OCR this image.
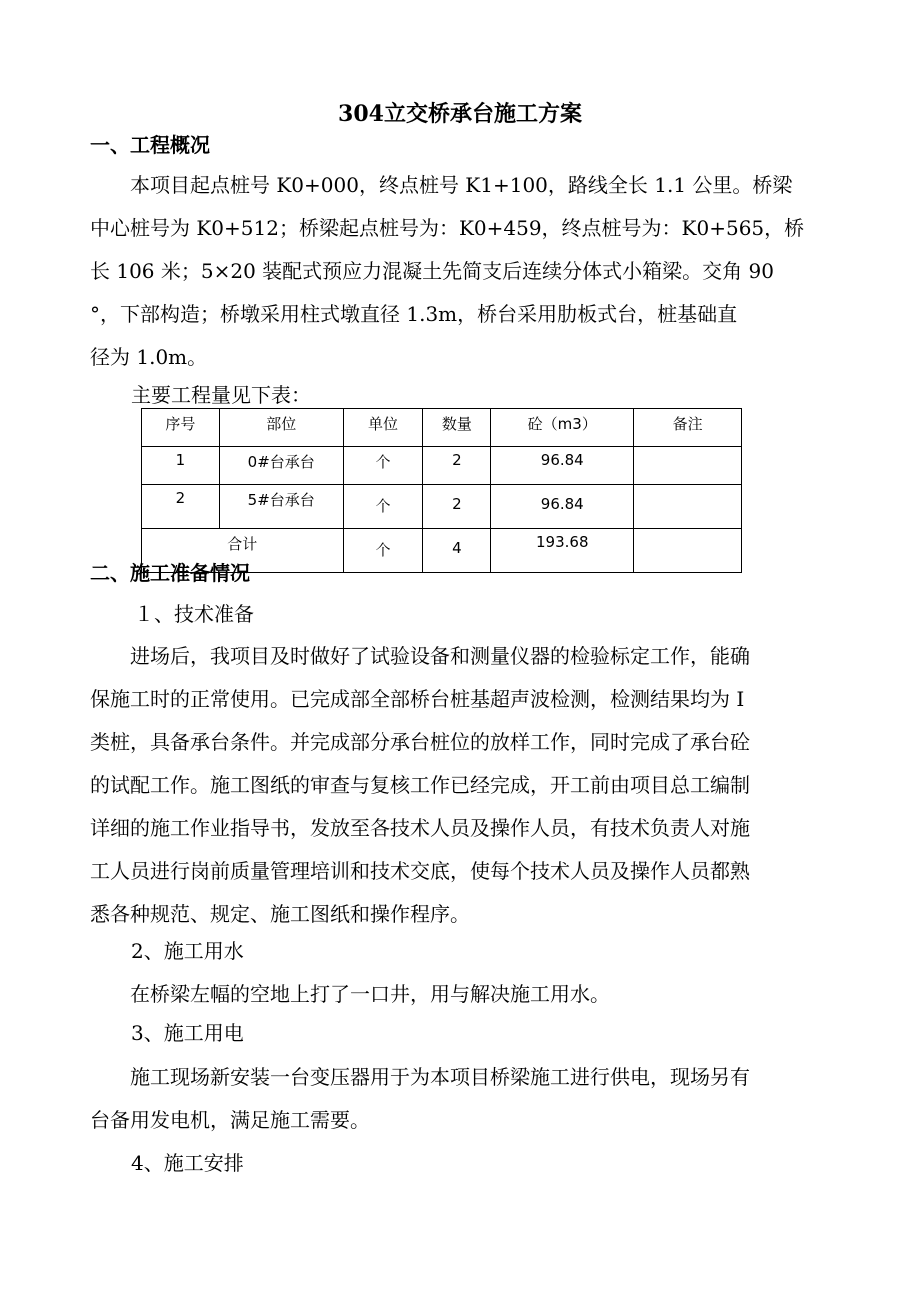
304立交桥承台施工方案
一、工程概况
本项目起点桩号 K0+000，终点桩号 K1+100，路线全长 1.1 公里。桥梁
中心桩号为 K0+512；桥梁起点桩号为：K0+459，终点桩号为：K0+565，桥
长 106 米；5×20 装配式预应力混凝土先简支后连续分体式小箱梁。交角 90
°，下部构造；桥墩采用柱式墩直径 1.3m，桥台采用肋板式台，桩基础直
径为 1.0m。
主要工程量见下表：
序号	部位	单位	数量	砼（m3）	备注
1	0#台承台	个	2	96.84	
2	5#台承台	个	2	96.84	
合计		个	4	193.68	
二、施工准备情况
１、技术准备
进场后，我项目及时做好了试验设备和测量仪器的检验标定工作，能确
保施工时的正常使用。已完成部全部桥台桩基超声波检测，检测结果均为 I
类桩，具备承台条件。并完成部分承台桩位的放样工作，同时完成了承台砼
的试配工作。施工图纸的审查与复核工作已经完成，开工前由项目总工编制
详细的施工作业指导书，发放至各技术人员及操作人员，有技术负责人对施
工人员进行岗前质量管理培训和技术交底，使每个技术人员及操作人员都熟
悉各种规范、规定、施工图纸和操作程序。
2、施工用水
在桥梁左幅的空地上打了一口井，用与解决施工用水。
3、施工用电
施工现场新安装一台变压器用于为本项目桥梁施工进行供电，现场另有
台备用发电机，满足施工需要。
4、施工安排
